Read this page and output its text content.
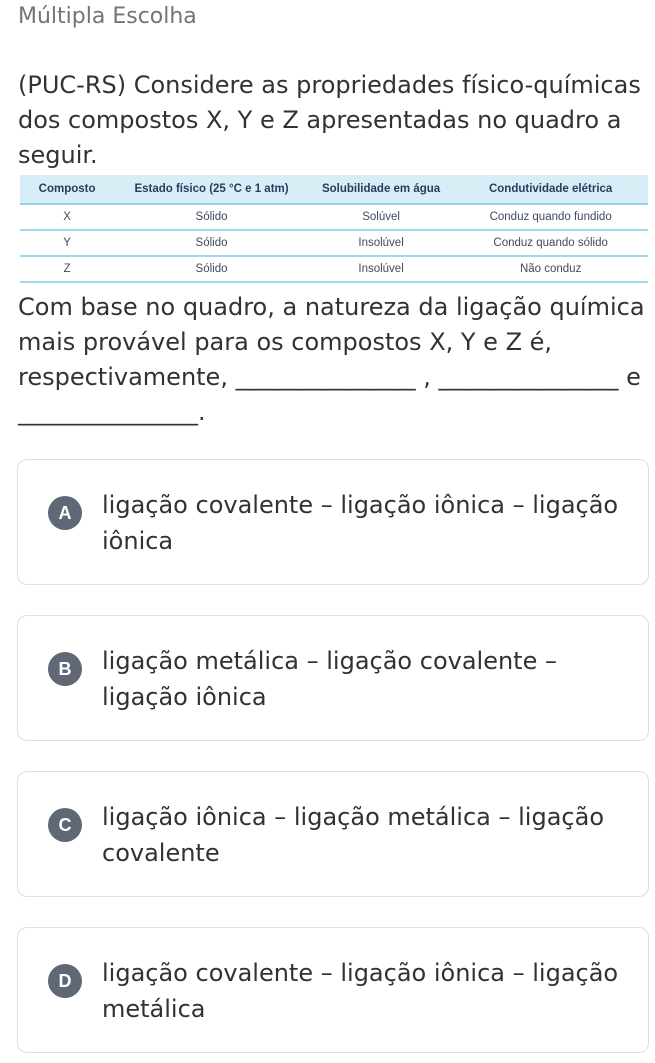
Múltipla Escolha
(PUC-RS) Considere as propriedades físico-químicas dos compostos X, Y e Z apresentadas no quadro a seguir.
Composto	Estado físico (25 °C e 1 atm)	Solubilidade em água	Condutividade elétrica
X	Sólido	Solúvel	Conduz quando fundido
Y	Sólido	Insolúvel	Conduz quando sólido
Z	Sólido	Insolúvel	Não conduz
Com base no quadro, a natureza da ligação química mais provável para os compostos X, Y e Z é, respectivamente, _______________ , _______________ e _______________.
A	ligação covalente – ligação iônica – ligação iônica
B	ligação metálica – ligação covalente – ligação iônica
C	ligação iônica – ligação metálica – ligação covalente
D	ligação covalente – ligação iônica – ligação metálica
